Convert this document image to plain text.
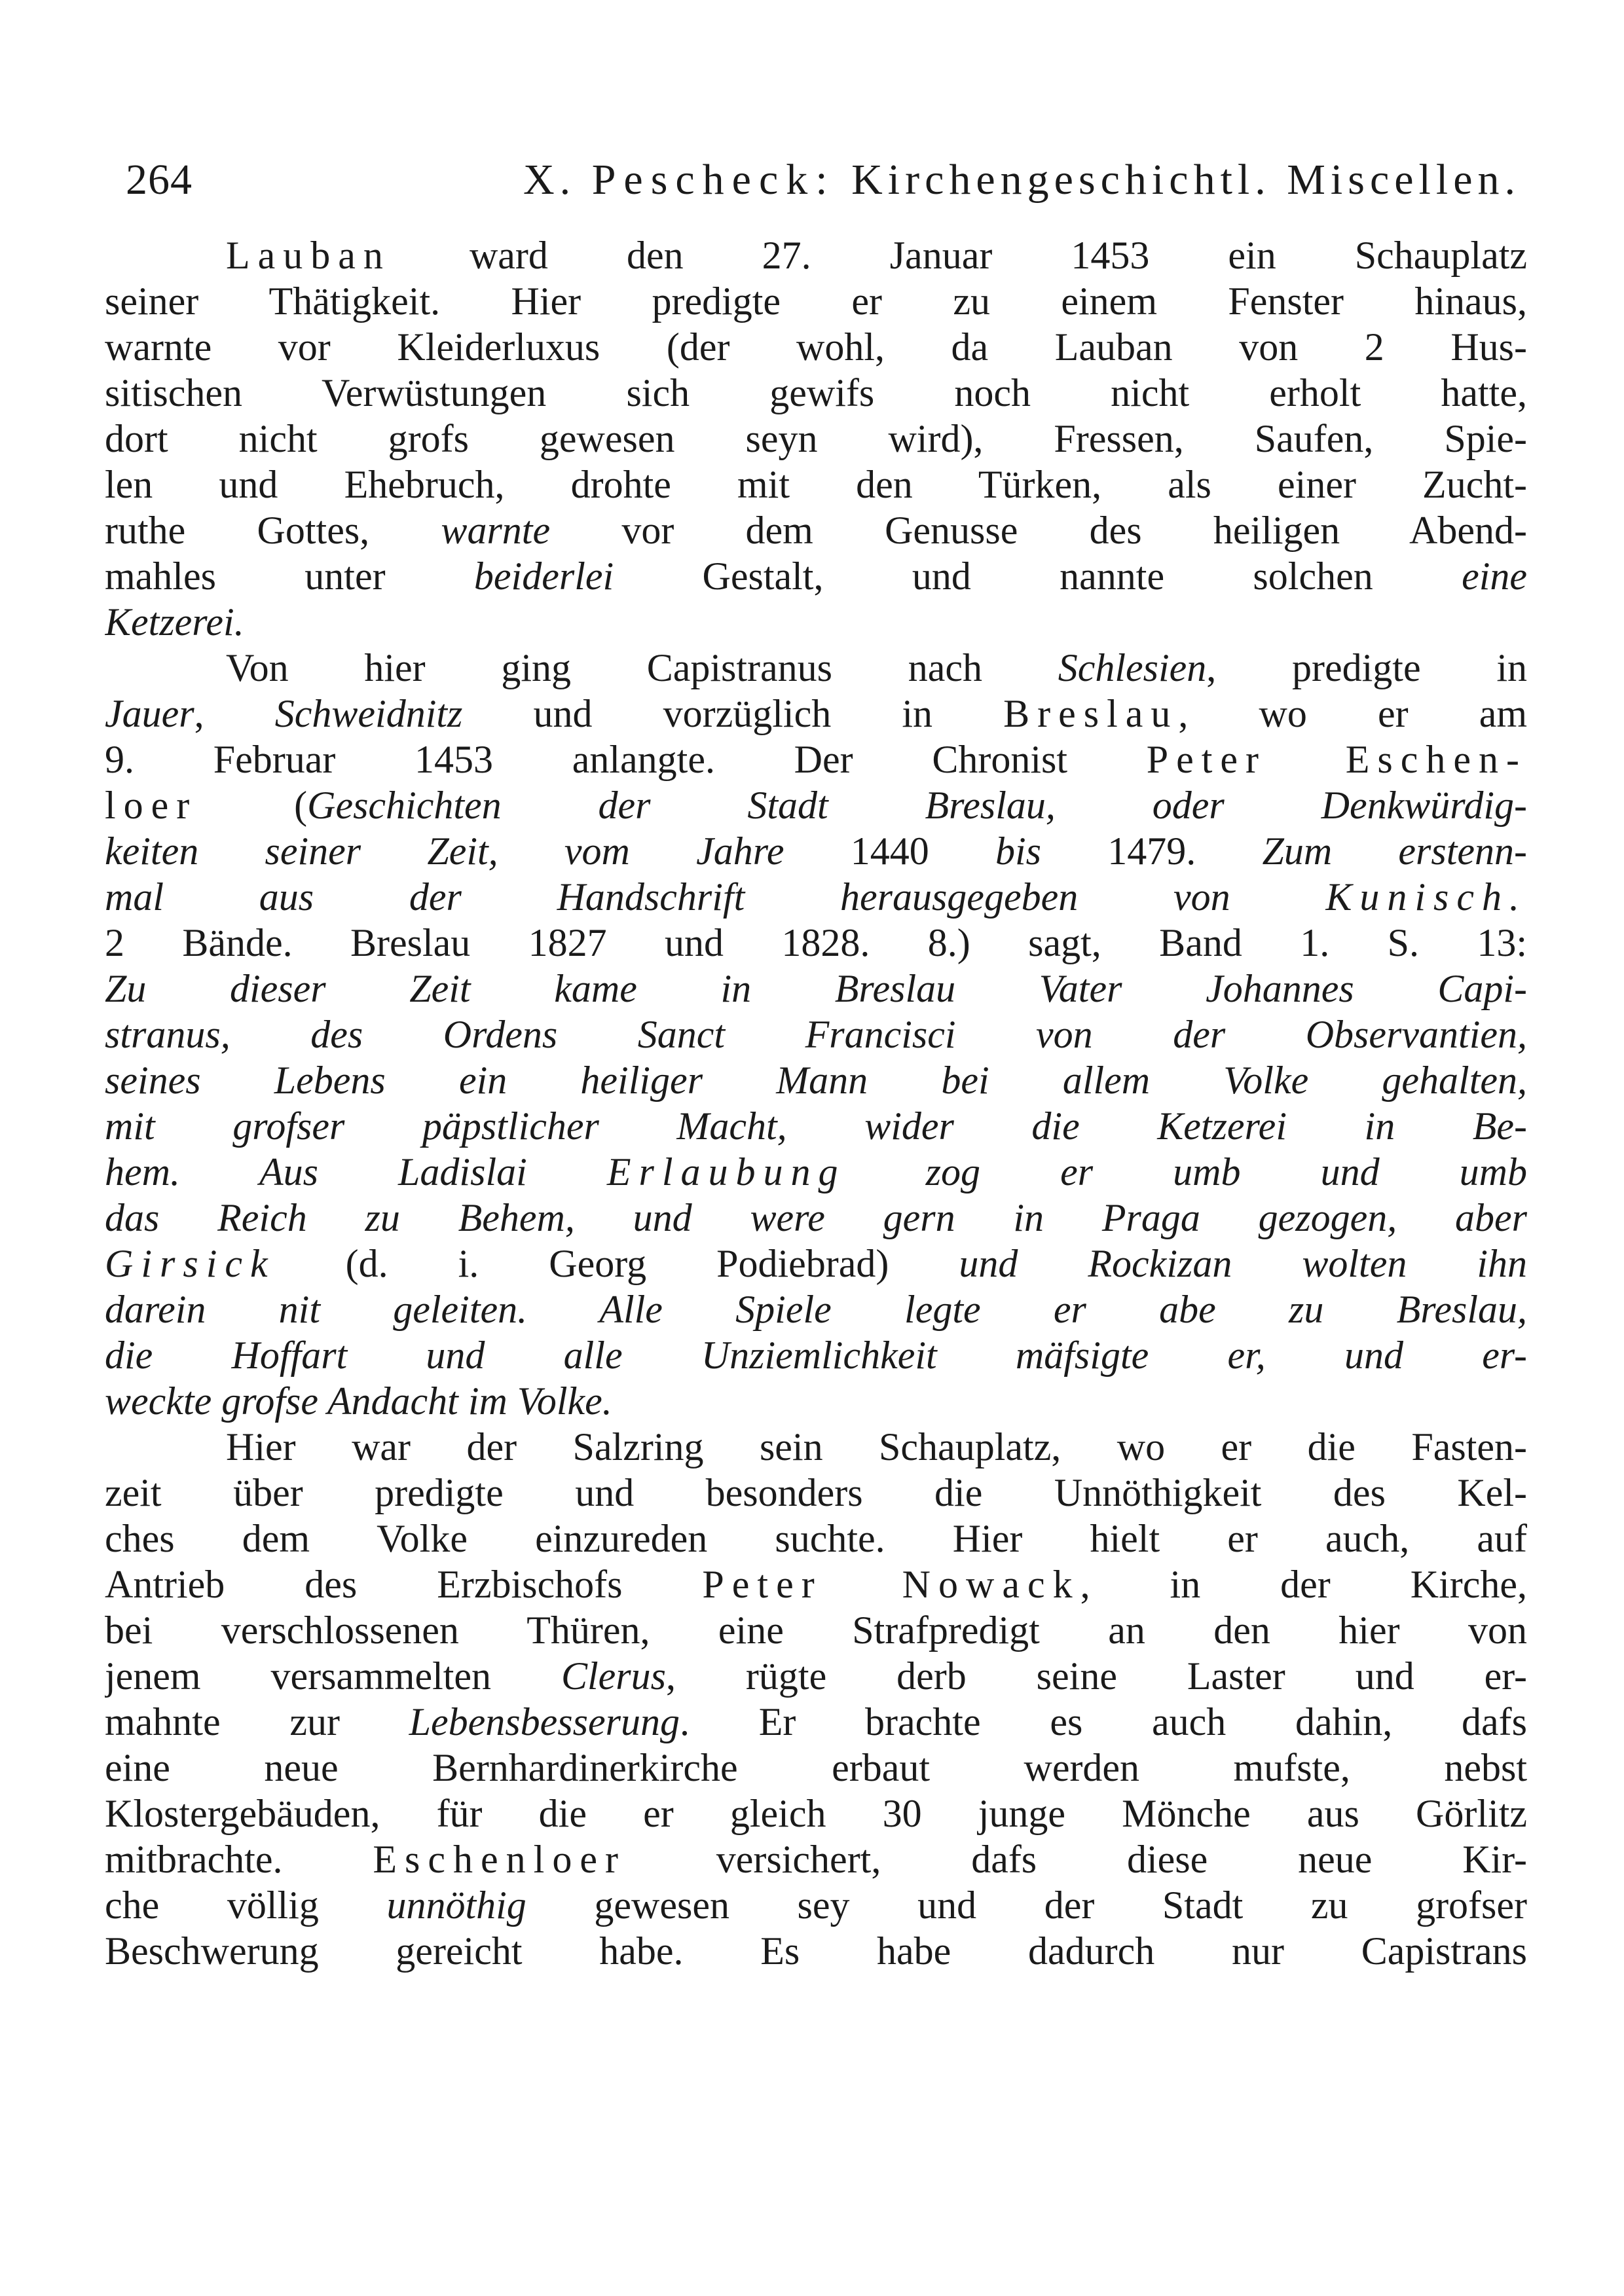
264	X. Pescheck: Kirchengeschichtl. Miscellen.
Lauban ward den 27. Januar 1453 ein Schauplatz
seiner Thätigkeit. Hier predigte er zu einem Fenster hinaus,
warnte vor Kleiderluxus (der wohl, da Lauban von 2 Hus-
sitischen Verwüstungen sich gewifs noch nicht erholt hatte,
dort nicht grofs gewesen seyn wird), Fressen, Saufen, Spie-
len und Ehebruch, drohte mit den Türken, als einer Zucht-
ruthe Gottes, warnte vor dem Genusse des heiligen Abend-
mahles unter beiderlei Gestalt, und nannte solchen eine
Ketzerei.
Von hier ging Capistranus nach Schlesien, predigte in
Jauer, Schweidnitz und vorzüglich in Breslau, wo er am
9. Februar 1453 anlangte. Der Chronist Peter Eschen-
loer (Geschichten der Stadt Breslau, oder Denkwürdig-
keiten seiner Zeit, vom Jahre 1440 bis 1479. Zum erstenn-
mal aus der Handschrift herausgegeben von Kunisch.
2 Bände. Breslau 1827 und 1828. 8.) sagt, Band 1. S. 13:
Zu dieser Zeit kame in Breslau Vater Johannes Capi-
stranus, des Ordens Sanct Francisci von der Observantien,
seines Lebens ein heiliger Mann bei allem Volke gehalten,
mit grofser päpstlicher Macht, wider die Ketzerei in Be-
hem. Aus Ladislai Erlaubung zog er umb und umb
das Reich zu Behem, und were gern in Praga gezogen, aber
Girsick (d. i. Georg Podiebrad) und Rockizan wolten ihn
darein nit geleiten. Alle Spiele legte er abe zu Breslau,
die Hoffart und alle Unziemlichkeit mäfsigte er, und er-
weckte grofse Andacht im Volke.
Hier war der Salzring sein Schauplatz, wo er die Fasten-
zeit über predigte und besonders die Unnöthigkeit des Kel-
ches dem Volke einzureden suchte. Hier hielt er auch, auf
Antrieb des Erzbischofs Peter Nowack, in der Kirche,
bei verschlossenen Thüren, eine Strafpredigt an den hier von
jenem versammelten Clerus, rügte derb seine Laster und er-
mahnte zur Lebensbesserung. Er brachte es auch dahin, dafs
eine neue Bernhardinerkirche erbaut werden mufste, nebst
Klostergebäuden, für die er gleich 30 junge Mönche aus Görlitz
mitbrachte. Eschenloer versichert, dafs diese neue Kir-
che völlig unnöthig gewesen sey und der Stadt zu grofser
Beschwerung gereicht habe. Es habe dadurch nur Capistrans
